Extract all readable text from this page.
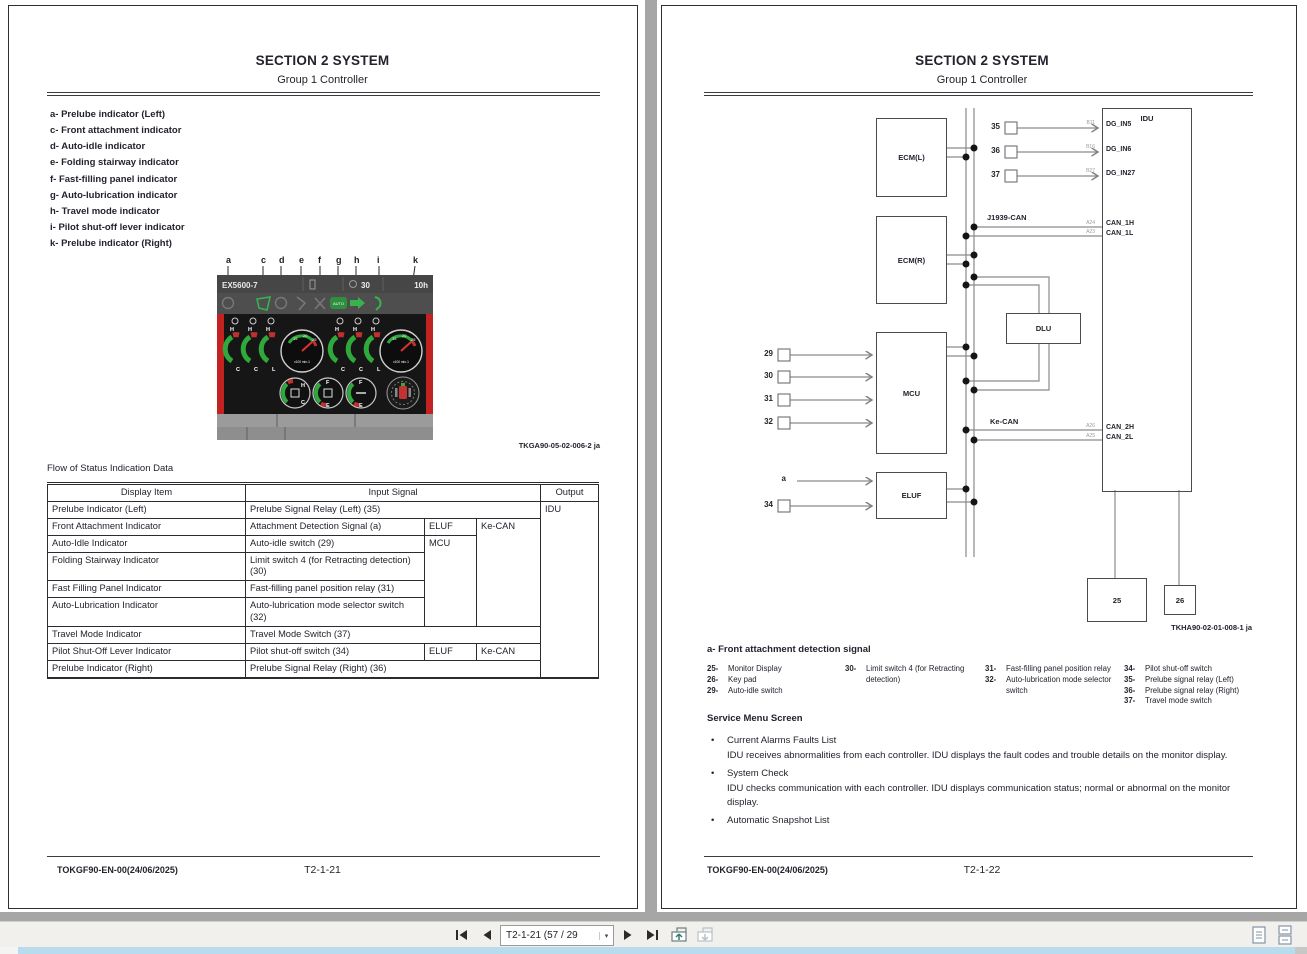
SECTION 2 SYSTEM
Group 1 Controller
a- Prelube indicator (Left)
c- Front attachment indicator
d- Auto-idle indicator
e- Folding stairway indicator
f- Fast-filling panel indicator
g- Auto-lubrication indicator
h- Travel mode indicator
i- Pilot shut-off lever indicator
k- Prelube indicator (Right)
a	c d e f g h i	k
EX5600-7	30	10h
AUTO
H	H	H
C	C	L
15
20
25
x100 min-1
H	H	H
C	C	L
15
20
25
x100 min-1
H
C
F
E
F
E
TKGA90-05-02-006-2 ja
Flow of Status Indication Data
Display Item	Input Signal			Output
Prelube Indicator (Left)	Prelube Signal Relay (Left) (35)			IDU
Front Attachment Indicator	Attachment Detection Signal (a)	ELUF	Ke-CAN	
Auto-Idle Indicator	Auto-idle switch (29)	MCU		
Folding Stairway Indicator	Limit switch 4 (for Retracting detection) (30)			
Fast Filling Panel Indicator	Fast-filling panel position relay (31)			
Auto-Lubrication Indicator	Auto-lubrication mode selector switch (32)			
Travel Mode Indicator	Travel Mode Switch (37)			
Pilot Shut-Off Lever Indicator	Pilot shut-off switch (34)	ELUF	Ke-CAN	
Prelube Indicator (Right)	Prelube Signal Relay (Right) (36)			
TOKGF90-EN-00(24/06/2025)	T2-1-21
SECTION 2 SYSTEM
Group 1 Controller
ECM(L)
ECM(R)
MCU
ELUF
DLU
25	26
IDU
DG_IN5
DG_IN6
DG_IN27
CAN_1H
CAN_1L
CAN_2H
CAN_2L
B11
B16
B27
A24
A23
A26
A25
J1939-CAN
Ke-CAN
35
36
37
29
30
31
32
a
34
TKHA90-02-01-008-1 ja
a- Front attachment detection signal
25-	Monitor Display
26-	Key pad
29-	Auto-idle switch
30-	Limit switch 4 (for Retracting detection)
31-	Fast-filling panel position relay
32-	Auto-lubrication mode selector switch
34-	Pilot shut-off switch
35-	Prelube signal relay (Left)
36-	Prelube signal relay (Right)
37-	Travel mode switch
Service Menu Screen
•	Current Alarms Faults List
IDU receives abnormalities from each controller. IDU displays the fault codes and trouble details on the monitor display.
•	System Check
IDU checks communication with each controller. IDU displays communication status; normal or abnormal on the monitor display.
•	Automatic Snapshot List
TOKGF90-EN-00(24/06/2025)	T2-1-22
T2-1-21 (57 / 29	▾
